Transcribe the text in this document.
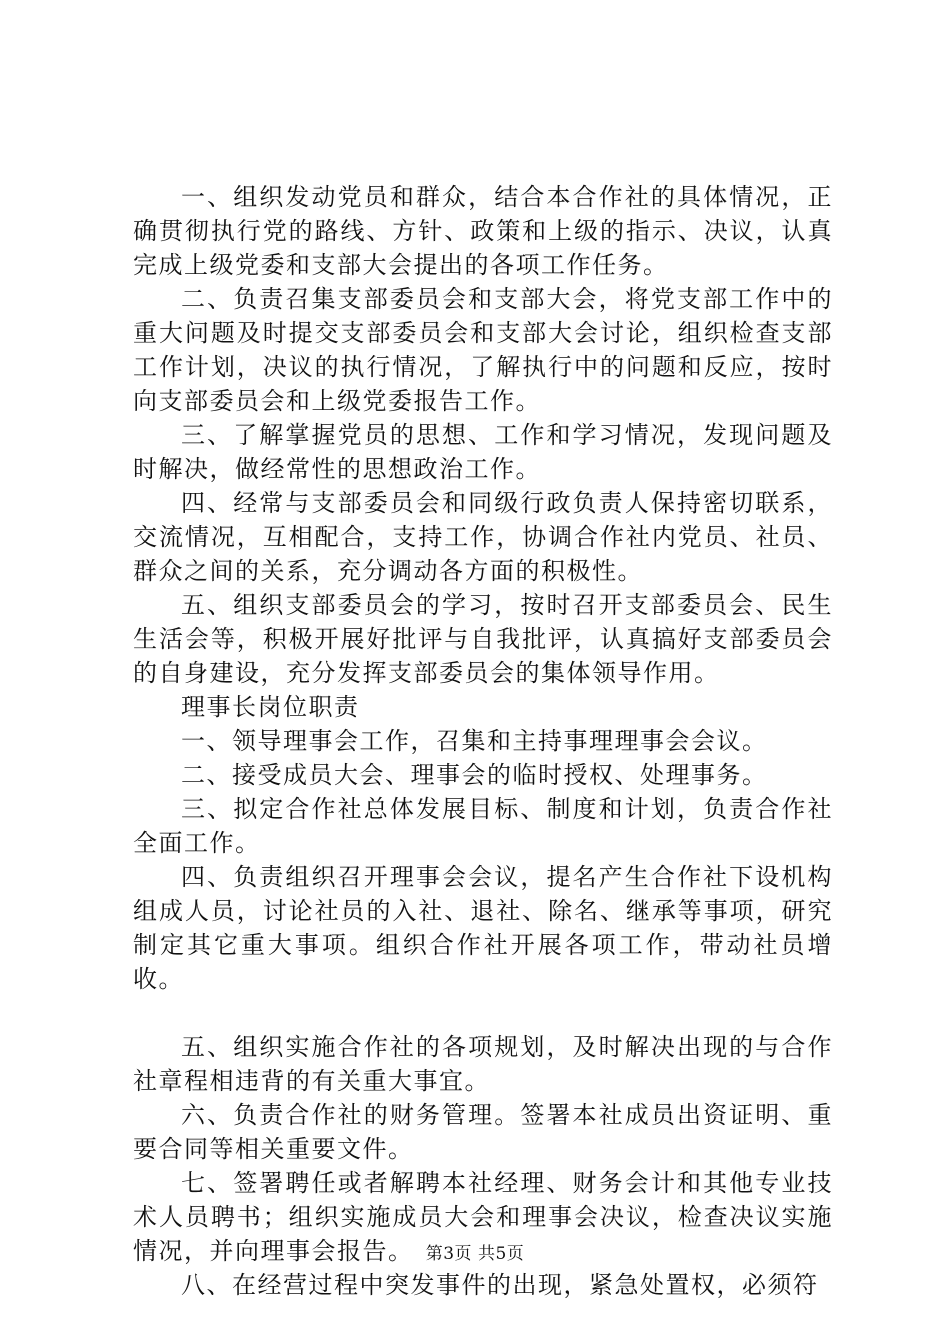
一、组织发动党员和群众，结合本合作社的具体情况，正确贯彻执行党的路线、方针、政策和上级的指示、决议，认真完成上级党委和支部大会提出的各项工作任务。

二、负责召集支部委员会和支部大会，将党支部工作中的重大问题及时提交支部委员会和支部大会讨论，组织检查支部工作计划，决议的执行情况，了解执行中的问题和反应，按时向支部委员会和上级党委报告工作。

三、了解掌握党员的思想、工作和学习情况，发现问题及时解决，做经常性的思想政治工作。

四、经常与支部委员会和同级行政负责人保持密切联系，交流情况，互相配合，支持工作，协调合作社内党员、社员、群众之间的关系，充分调动各方面的积极性。

五、组织支部委员会的学习，按时召开支部委员会、民生生活会等，积极开展好批评与自我批评，认真搞好支部委员会的自身建设，充分发挥支部委员会的集体领导作用。

理事长岗位职责

一、领导理事会工作，召集和主持事理理事会会议。

二、接受成员大会、理事会的临时授权、处理事务。

三、拟定合作社总体发展目标、制度和计划，负责合作社全面工作。

四、负责组织召开理事会会议，提名产生合作社下设机构组成人员，讨论社员的入社、退社、除名、继承等事项，研究制定其它重大事项。组织合作社开展各项工作，带动社员增收。

五、组织实施合作社的各项规划，及时解决出现的与合作社章程相违背的有关重大事宜。

六、负责合作社的财务管理。签署本社成员出资证明、重要合同等相关重要文件。

七、签署聘任或者解聘本社经理、财务会计和其他专业技术人员聘书；组织实施成员大会和理事会决议，检查决议实施情况，并向理事会报告。

八、在经营过程中突发事件的出现，紧急处置权，必须符

第3页 共5页
